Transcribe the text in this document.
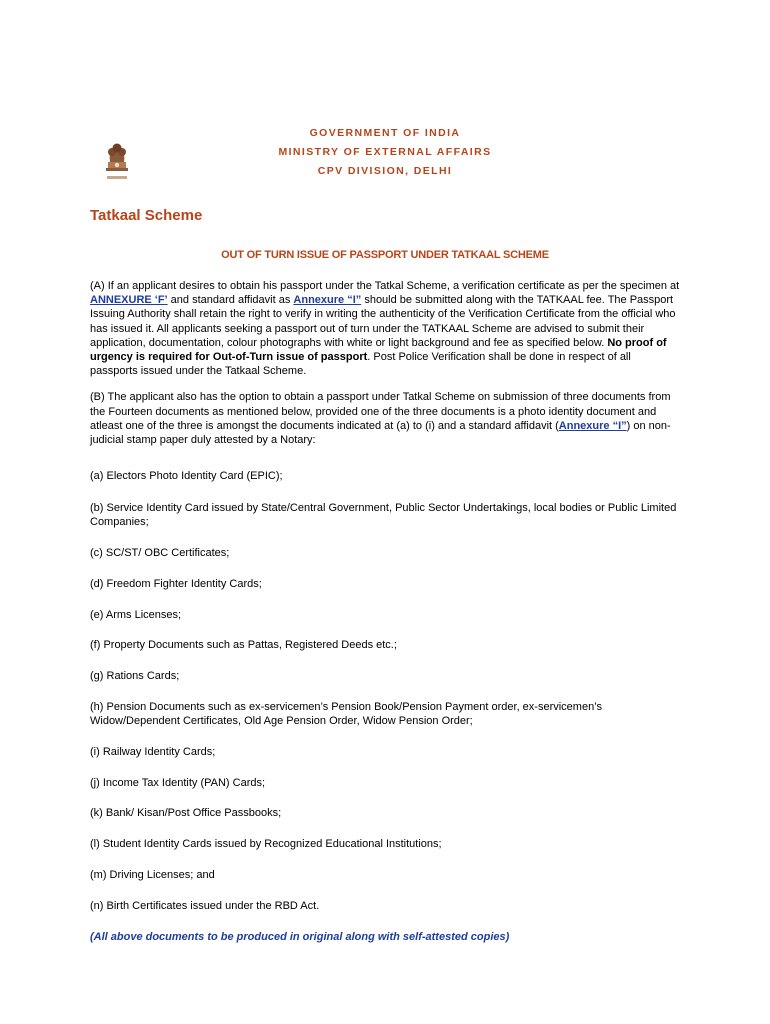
GOVERNMENT OF INDIA
MINISTRY OF EXTERNAL AFFAIRS
CPV DIVISION, DELHI
Tatkaal Scheme
OUT OF TURN ISSUE OF PASSPORT UNDER TATKAAL SCHEME

(A) If an applicant desires to obtain his passport under the Tatkal Scheme, a verification certificate as per the specimen at ANNEXURE ‘F’ and standard affidavit as Annexure “I” should be submitted along with the TATKAAL fee. The Passport Issuing Authority shall retain the right to verify in writing the authenticity of the Verification Certificate from the official who has issued it. All applicants seeking a passport out of turn under the TATKAAL Scheme are advised to submit their application, documentation, colour photographs with white or light background and fee as specified below. No proof of urgency is required for Out-of-Turn issue of passport. Post Police Verification shall be done in respect of all passports issued under the Tatkaal Scheme.

(B) The applicant also has the option to obtain a passport under Tatkal Scheme on submission of three documents from the Fourteen documents as mentioned below, provided one of the three documents is a photo identity document and atleast one of the three is amongst the documents indicated at (a) to (i) and a standard affidavit (Annexure “I”) on non-judicial stamp paper duly attested by a Notary:

(a) Electors Photo Identity Card (EPIC);

(b) Service Identity Card issued by State/Central Government, Public Sector Undertakings, local bodies or Public Limited Companies;

(c) SC/ST/ OBC Certificates;

(d) Freedom Fighter Identity Cards;

(e) Arms Licenses;

(f) Property Documents such as Pattas, Registered Deeds etc.;

(g) Rations Cards;

(h) Pension Documents such as ex-servicemen’s Pension Book/Pension Payment order, ex-servicemen’s Widow/Dependent Certificates, Old Age Pension Order, Widow Pension Order;

(i) Railway Identity Cards;

(j) Income Tax Identity (PAN) Cards;

(k) Bank/ Kisan/Post Office Passbooks;

(l) Student Identity Cards issued by Recognized Educational Institutions;

(m) Driving Licenses; and

(n) Birth Certificates issued under the RBD Act.

(All above documents to be produced in original along with self-attested copies)
